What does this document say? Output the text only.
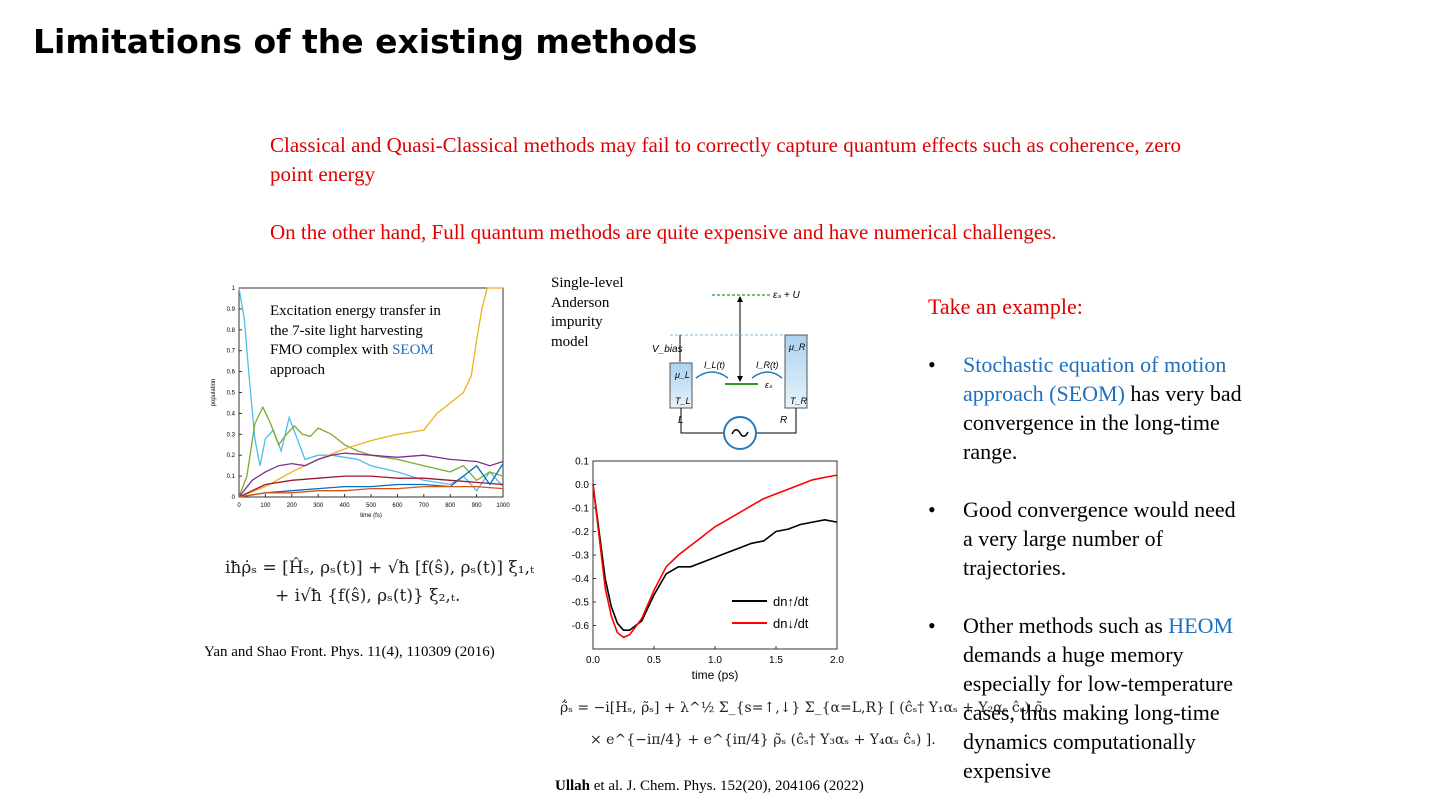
Limitations of the existing methods

Classical and Quasi-Classical methods may fail to correctly capture quantum effects such as coherence, zero point energy

On the other hand, Full quantum methods are quite expensive and have numerical challenges.

0	100	200	300	400	500	600	700	800	900 1000
0
0.1
0.2
0.3
0.4
0.5
0.6
0.7
0.8
0.9
1
time (fs)
population
Excitation energy transfer in the 7-site light harvesting FMO complex with SEOM approach
iħρ̇ₛ = [Ĥₛ, ρₛ(t)] + √ħ [f(ŝ), ρₛ(t)] ξ₁,ₜ
+ i√ħ {f(ŝ), ρₛ(t)} ξ₂,ₜ.
Yan and Shao Front. Phys. 11(4), 110309 (2016)
Single-level Anderson impurity model
εₛ + U
V_bias
μ_L
μ_R
T_L	T_R
εₛ
I_L(t)	I_R(t)
L	R
0.0	0.5	1.0	1.5	2.0
0.1
0.0
-0.1
-0.2
-0.3
-0.4
-0.5
-0.6
time (ps)
dn↑/dt
dn↓/dt
ρ̃̇ₛ = −i[Hₛ, ρ̃ₛ] + λ^½ Σ_{s=↑,↓} Σ_{α=L,R} [ (ĉₛ† Y₁αₛ + Y₂αₛ ĉₛ) ρ̃ₛ
× e^{−iπ/4} + e^{iπ/4} ρ̃ₛ (ĉₛ† Y₃αₛ + Y₄αₛ ĉₛ) ].
Ullah et al. J. Chem. Phys. 152(20), 204106 (2022)
Take an example:
• Stochastic equation of motion approach (SEOM) has very bad convergence in the long-time range.
• Good convergence would need a very large number of trajectories.
• Other methods such as HEOM demands a huge memory especially for low-temperature cases, thus making long-time dynamics computationally expensive
